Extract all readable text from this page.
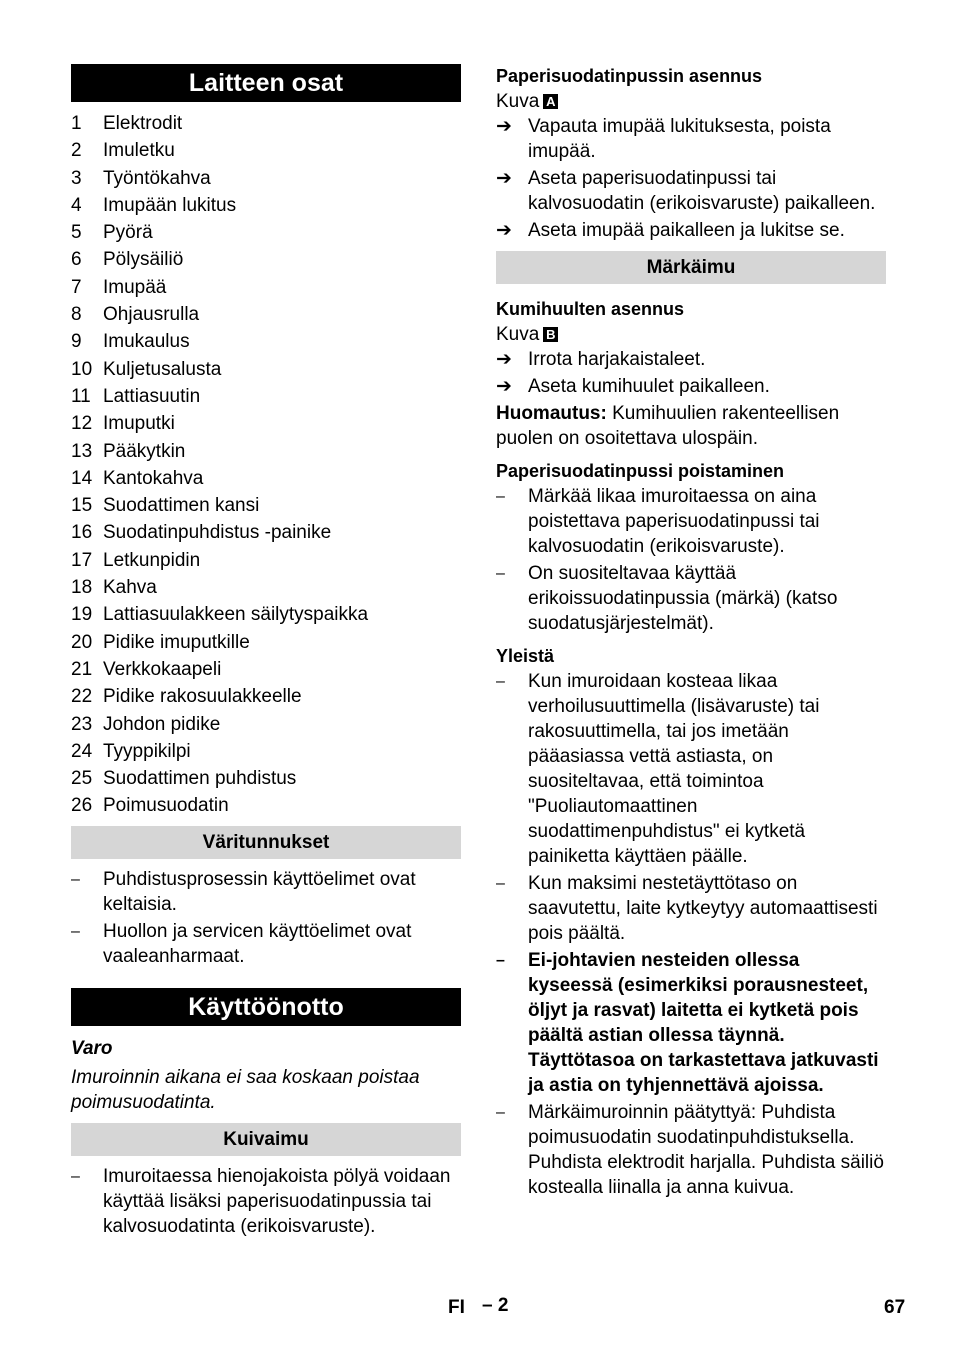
Laitteen osat
1 Elektrodit
2 Imuletku
3 Työntökahva
4 Imupään lukitus
5 Pyörä
6 Pölysäiliö
7 Imupää
8 Ohjausrulla
9 Imukaulus
10 Kuljetusalusta
11 Lattiasuutin
12 Imuputki
13 Pääkytkin
14 Kantokahva
15 Suodattimen kansi
16 Suodatinpuhdistus -painike
17 Letkunpidin
18 Kahva
19 Lattiasuulakkeen säilytyspaikka
20 Pidike imuputkille
21 Verkkokaapeli
22 Pidike rakosuulakkeelle
23 Johdon pidike
24 Tyyppikilpi
25 Suodattimen puhdistus
26 Poimusuodatin
Väritunnukset
– Puhdistusprosessin käyttöelimet ovat keltaisia.
– Huollon ja servicen käyttöelimet ovat vaaleanharmaat.
Käyttöönotto
Varo
Imuroinnin aikana ei saa koskaan poistaa poimusuodatinta.
Kuivaimu
– Imuroitaessa hienojakoista pölyä voidaan käyttää lisäksi paperisuodatinpussia tai kalvosuodatinta (erikoisvaruste).
Paperisuodatinpussin asennus
Kuva A
➔ Vapauta imupää lukituksesta, poista imupää.
➔ Aseta paperisuodatinpussi tai kalvosuodatin (erikoisvaruste) paikalleen.
➔ Aseta imupää paikalleen ja lukitse se.
Märkäimu
Kumihuulten asennus
Kuva B
➔ Irrota harjakaistaleet.
➔ Aseta kumihuulet paikalleen.
Huomautus: Kumihuulien rakenteellisen puolen on osoitettava ulospäin.
Paperisuodatinpussi poistaminen
– Märkää likaa imuroitaessa on aina poistettava paperisuodatinpussi tai kalvosuodatin (erikoisvaruste).
– On suositeltavaa käyttää erikoissuodatinpussia (märkä) (katso suodatusjärjestelmät).
Yleistä
– Kun imuroidaan kosteaa likaa verhoilusuuttimella (lisävaruste) tai rakosuuttimella, tai jos imetään pääasiassa vettä astiasta, on suositeltavaa, että toimintoa "Puoliautomaattinen suodattimenpuhdistus" ei kytketä painiketta käyttäen päälle.
– Kun maksimi nestetäyttötaso on saavutettu, laite kytkeytyy automaattisesti pois päältä.
– Ei-johtavien nesteiden ollessa kyseessä (esimerkiksi porausnesteet, öljyt ja rasvat) laitetta ei kytketä pois päältä astian ollessa täynnä. Täyttötasoa on tarkastettava jatkuvasti ja astia on tyhjennettävä ajoissa.
– Märkäimuroinnin päätyttyä: Puhdista poimusuodatin suodatinpuhdistuksella. Puhdista elektrodit harjalla. Puhdista säiliö kostealla liinalla ja anna kuivua.
FI – 2	67
